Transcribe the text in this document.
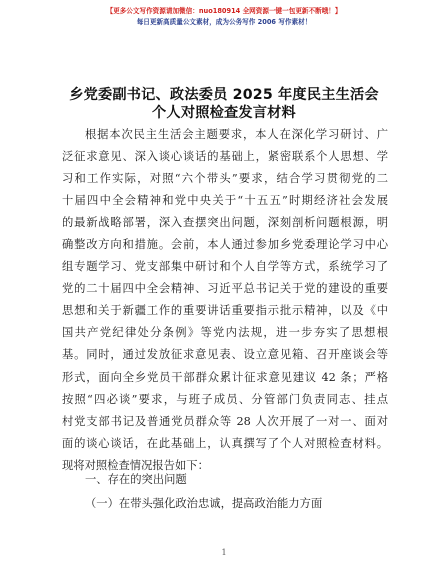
【更多公文写作资源请加微信：nuo180914 全网资源一键一包更新不断哦！】
每日更新高质量公文素材，成为公务写作 2006 写作素材！
乡党委副书记、政法委员 2025 年度民主生活会
个人对照检查发言材料
根据本次民主生活会主题要求，本人在深化学习研讨、广
泛征求意见、深入谈心谈话的基础上，紧密联系个人思想、学
习和工作实际，对照“六个带头”要求，结合学习贯彻党的二
十届四中全会精神和党中央关于“十五五”时期经济社会发展
的最新战略部署，深入查摆突出问题，深刻剖析问题根源，明
确整改方向和措施。会前，本人通过参加乡党委理论学习中心
组专题学习、党支部集中研讨和个人自学等方式，系统学习了
党的二十届四中全会精神、习近平总书记关于党的建设的重要
思想和关于新疆工作的重要讲话重要指示批示精神，以及《中
国共产党纪律处分条例》等党内法规，进一步夯实了思想根
基。同时，通过发放征求意见表、设立意见箱、召开座谈会等
形式，面向全乡党员干部群众累计征求意见建议 42 条；严格
按照“四必谈”要求，与班子成员、分管部门负责同志、挂点
村党支部书记及普通党员群众等 28 人次开展了一对一、面对
面的谈心谈话，在此基础上，认真撰写了个人对照检查材料。
现将对照检查情况报告如下：
一、存在的突出问题
（一）在带头强化政治忠诚，提高政治能力方面
1
